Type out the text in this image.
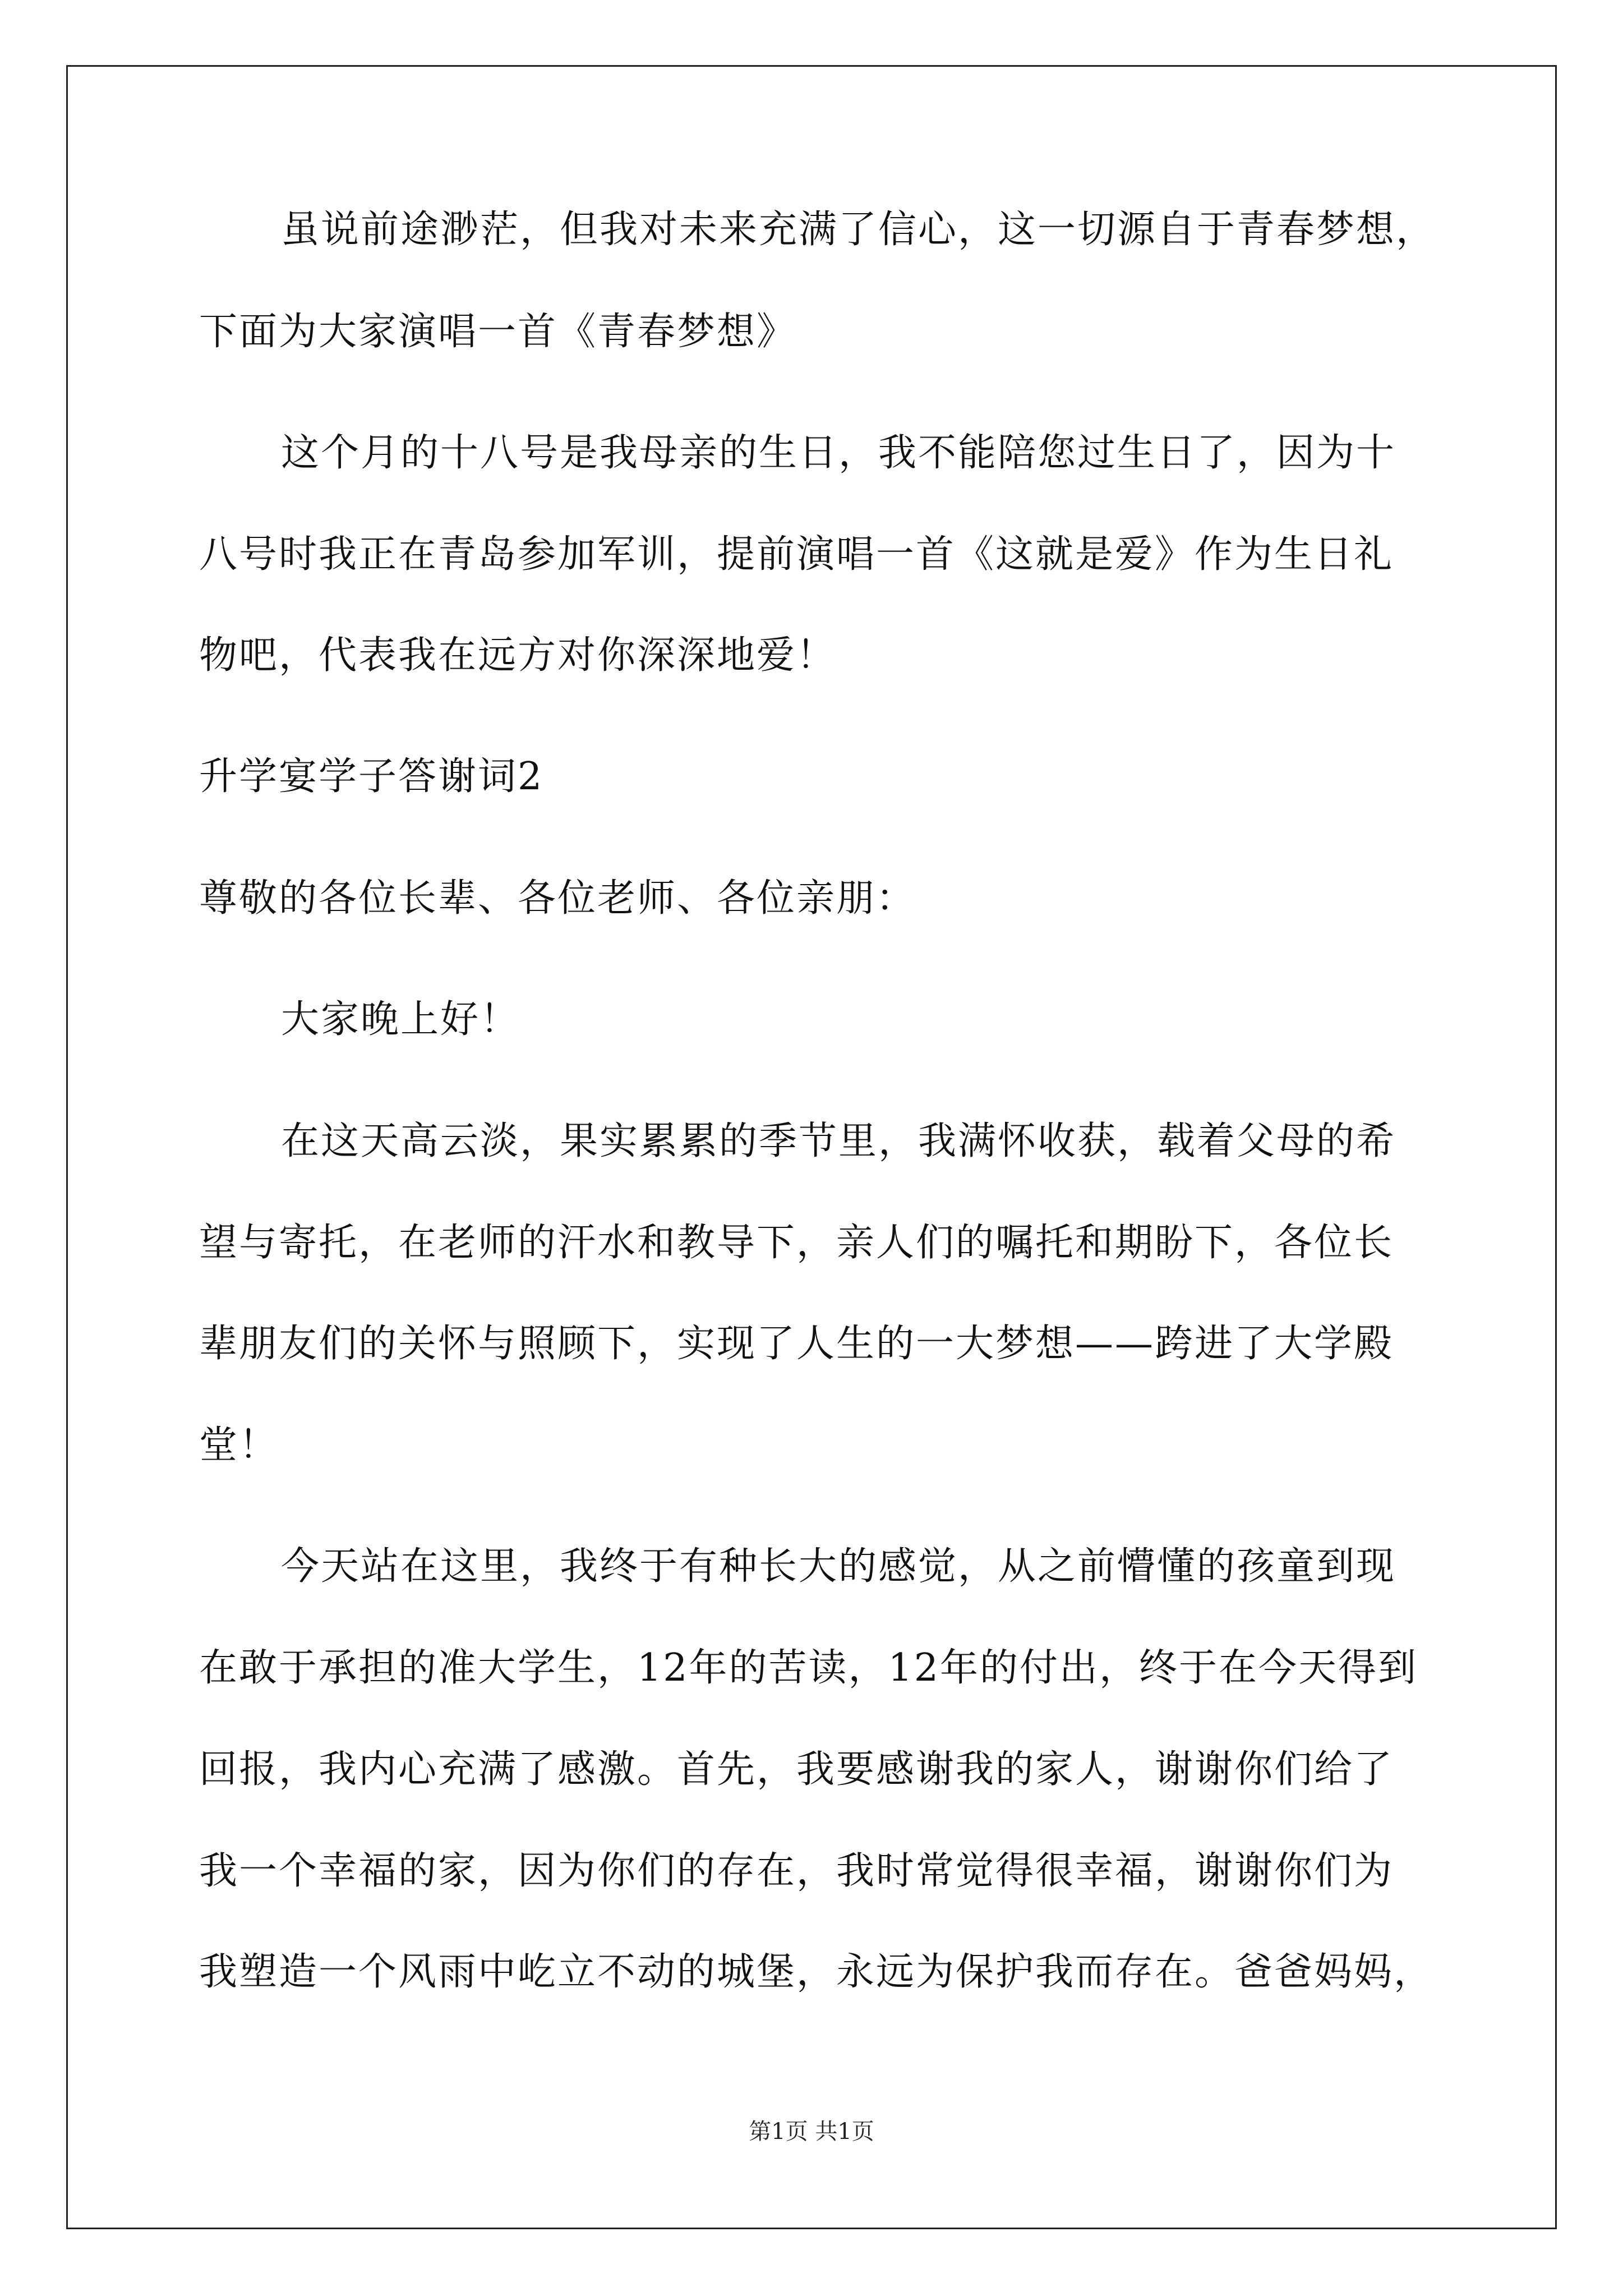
虽说前途渺茫，但我对未来充满了信心，这一切源自于青春梦想，
下面为大家演唱一首《青春梦想》
这个月的十八号是我母亲的生日，我不能陪您过生日了，因为十
八号时我正在青岛参加军训，提前演唱一首《这就是爱》作为生日礼
物吧，代表我在远方对你深深地爱！
升学宴学子答谢词2
尊敬的各位长辈、各位老师、各位亲朋：
大家晚上好！
在这天高云淡，果实累累的季节里，我满怀收获，载着父母的希
望与寄托，在老师的汗水和教导下，亲人们的嘱托和期盼下，各位长
辈朋友们的关怀与照顾下，实现了人生的一大梦想——跨进了大学殿
堂！
今天站在这里，我终于有种长大的感觉，从之前懵懂的孩童到现
在敢于承担的准大学生，12年的苦读，12年的付出，终于在今天得到
回报，我内心充满了感激。首先，我要感谢我的家人，谢谢你们给了
我一个幸福的家，因为你们的存在，我时常觉得很幸福，谢谢你们为
我塑造一个风雨中屹立不动的城堡，永远为保护我而存在。爸爸妈妈，
第1页 共1页
